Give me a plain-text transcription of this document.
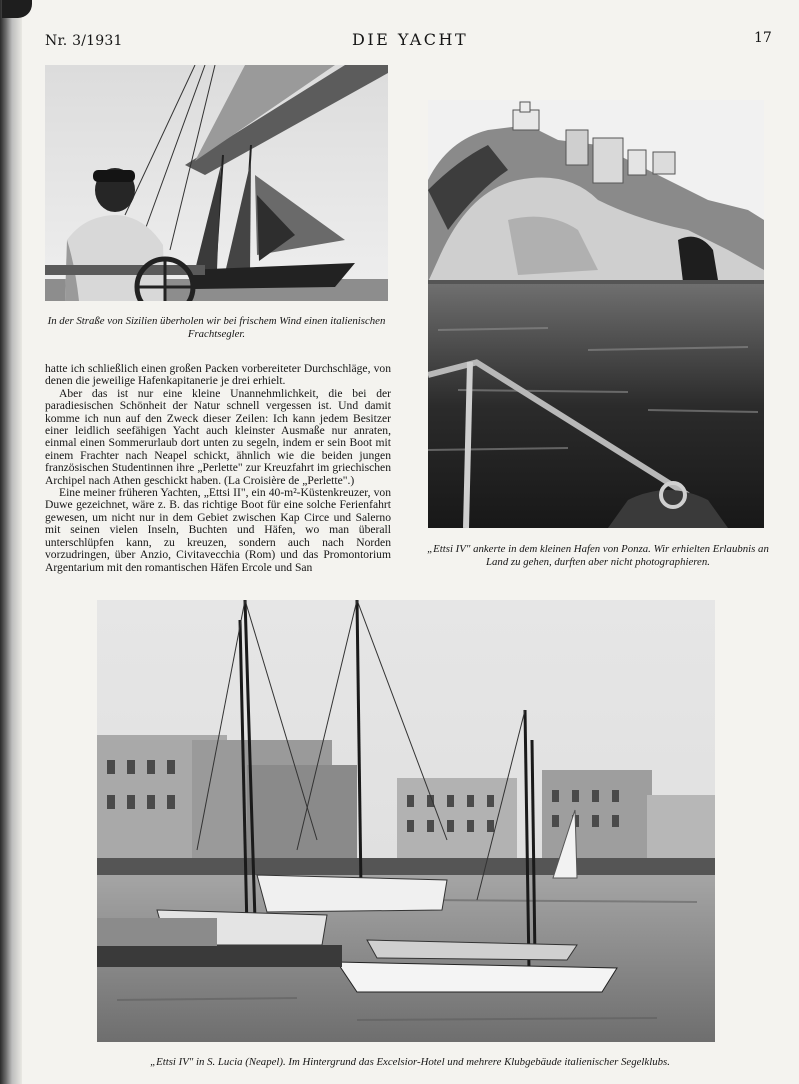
Nr. 3/1931	DIE YACHT	17
In der Straße von Sizilien überholen wir bei frischem Wind einen italienischen Frachtsegler.

hatte ich schließlich einen großen Packen vorbereiteter Durchschläge, von denen die jeweilige Hafenkapitanerie je drei erhielt.

Aber das ist nur eine kleine Unannehmlichkeit, die bei der paradiesischen Schönheit der Natur schnell vergessen ist. Und damit komme ich nun auf den Zweck dieser Zeilen: Ich kann jedem Besitzer einer leidlich seefähigen Yacht auch kleinster Ausmaße nur anraten, einmal einen Sommerurlaub dort unten zu segeln, indem er sein Boot mit einem Frachter nach Neapel schickt, ähnlich wie die beiden jungen französischen Studentinnen ihre „Perlette" zur Kreuzfahrt im griechischen Archipel nach Athen geschickt haben. (La Croisière de „Perlette".)

Eine meiner früheren Yachten, „Ettsi II", ein 40-m²-Küstenkreuzer, von Duwe gezeichnet, wäre z. B. das richtige Boot für eine solche Ferienfahrt gewesen, um nicht nur in dem Gebiet zwischen Kap Circe und Salerno mit seinen vielen Inseln, Buchten und Häfen, wo man überall unterschlüpfen kann, zu kreuzen, sondern auch nach Norden vorzudringen, über Anzio, Civitavecchia (Rom) und das Promontorium Argentarium mit den romantischen Häfen Ercole und San

„Ettsi IV" ankerte in dem kleinen Hafen von Ponza. Wir erhielten Erlaubnis an Land zu gehen, durften aber nicht photographieren.
„Ettsi IV" in S. Lucia (Neapel). Im Hintergrund das Excelsior-Hotel und mehrere Klubgebäude italienischer Segelklubs.
